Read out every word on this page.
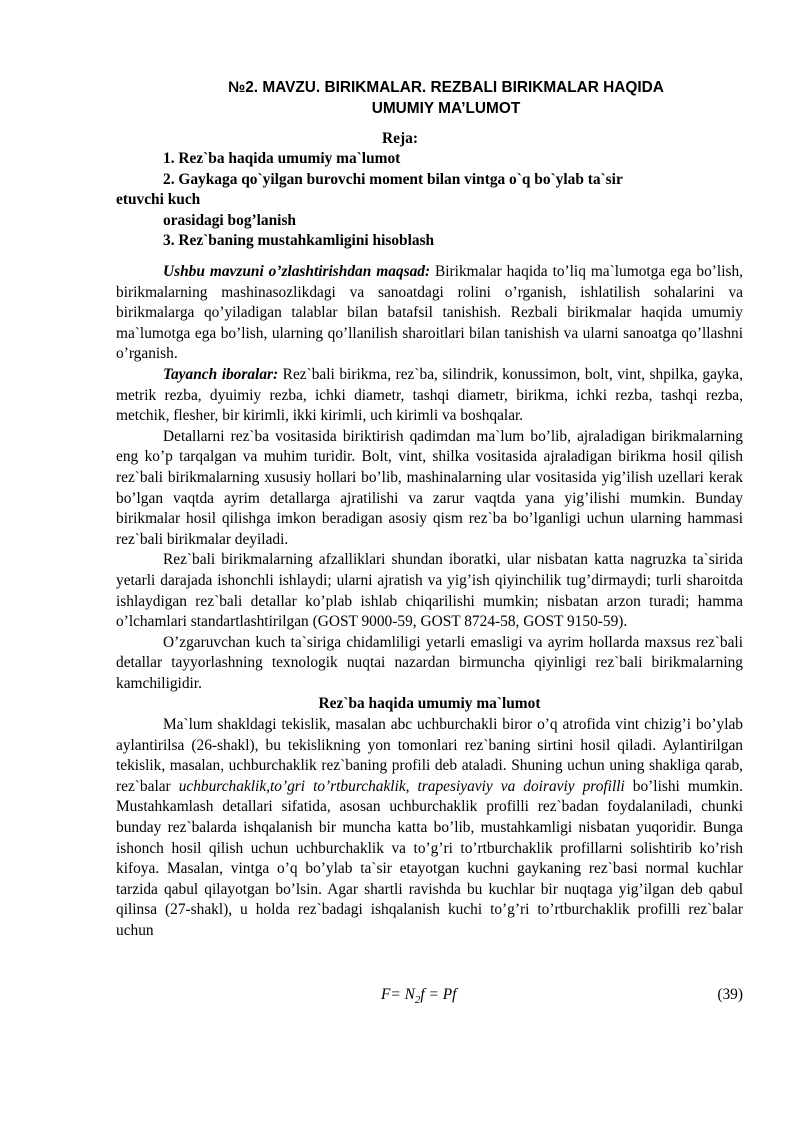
№2. MAVZU. BIRIKMALAR. REZBALI BIRIKMALAR HAQIDA
UMUMIY MA’LUMOT
Reja:
1. Rez`ba haqida umumiy ma`lumot
2. Gaykaga qo`yilgan burovchi moment bilan vintga o`q bo`ylab ta`sir
etuvchi kuch
orasidagi bog’lanish
3. Rez`baning mustahkamligini hisoblash

Ushbu mavzuni o’zlashtirishdan maqsad: Birikmalar haqida to’liq ma`lumotga ega bo’lish, birikmalarning mashinasozlikdagi va sanoatdagi rolini o’rganish, ishlatilish sohalarini va birikmalarga qo’yiladigan talablar bilan batafsil tanishish. Rezbali birikmalar haqida umumiy ma`lumotga ega bo’lish, ularning qo’llanilish sharoitlari bilan tanishish va ularni sanoatga qo’llashni o’rganish.

Tayanch iboralar: Rez`bali birikma, rez`ba, silindrik, konussimon, bolt, vint, shpilka, gayka, metrik rezba, dyuimiy rezba, ichki diametr, tashqi diametr, birikma, ichki rezba, tashqi rezba, metchik, flesher, bir kirimli, ikki kirimli, uch kirimli va boshqalar.

Detallarni rez`ba vositasida biriktirish qadimdan ma`lum bo’lib, ajraladigan birikmalarning eng ko’p tarqalgan va muhim turidir. Bolt, vint, shilka vositasida ajraladigan birikma hosil qilish rez`bali birikmalarning xususiy hollari bo’lib, mashinalarning ular vositasida yig’ilish uzellari kerak bo’lgan vaqtda ayrim detallarga ajratilishi va zarur vaqtda yana yig’ilishi mumkin. Bunday birikmalar hosil qilishga imkon beradigan asosiy qism rez`ba bo’lganligi uchun ularning hammasi rez`bali birikmalar deyiladi.

Rez`bali birikmalarning afzalliklari shundan iboratki, ular nisbatan katta nagruzka ta`sirida yetarli darajada ishonchli ishlaydi; ularni ajratish va yig’ish qiyinchilik tug’dirmaydi; turli sharoitda ishlaydigan rez`bali detallar ko’plab ishlab chiqarilishi mumkin; nisbatan arzon turadi; hamma o’lchamlari standartlashtirilgan (GOST 9000-59, GOST 8724-58, GOST 9150-59).

O’zgaruvchan kuch ta`siriga chidamliligi yetarli emasligi va ayrim hollarda maxsus rez`bali detallar tayyorlashning texnologik nuqtai nazardan birmuncha qiyinligi rez`bali birikmalarning kamchiligidir.

Rez`ba haqida umumiy ma`lumot

Ma`lum shakldagi tekislik, masalan abc uchburchakli biror o’q atrofida vint chizig’i bo’ylab aylantirilsa (26-shakl), bu tekislikning yon tomonlari rez`baning sirtini hosil qiladi. Aylantirilgan tekislik, masalan, uchburchaklik rez`baning profili deb ataladi. Shuning uchun uning shakliga qarab, rez`balar uchburchaklik,to’gri to’rtburchaklik, trapesiyaviy va doiraviy profilli bo’lishi mumkin. Mustahkamlash detallari sifatida, asosan uchburchaklik profilli rez`badan foydalaniladi, chunki bunday rez`balarda ishqalanish bir muncha katta bo’lib, mustahkamligi nisbatan yuqoridir. Bunga ishonch hosil qilish uchun uchburchaklik va to’g’ri to’rtburchaklik profillarni solishtirib ko’rish kifoya. Masalan, vintga o’q bo’ylab ta`sir etayotgan kuchni gaykaning rez`basi normal kuchlar tarzida qabul qilayotgan bo’lsin. Agar shartli ravishda bu kuchlar bir nuqtaga yig’ilgan deb qabul qilinsa (27-shakl), u holda rez`badagi ishqalanish kuchi to’g’ri to’rtburchaklik profilli rez`balar uchun

$F= N_2f = Pf$	(39)
